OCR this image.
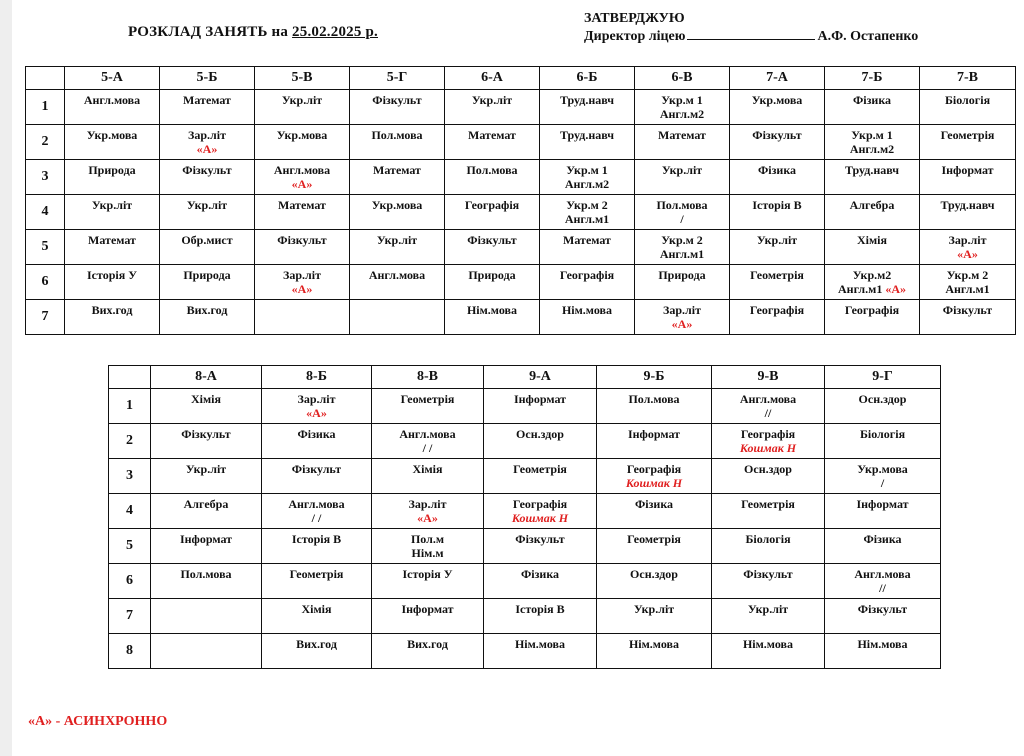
РОЗКЛАД ЗАНЯТЬ на 25.02.2025 р.
ЗАТВЕРДЖУЮ
Директор ліцею	А.Ф. Остапенко
	5-А	5-Б	5-В	5-Г	6-А	6-Б	6-В	7-А	7-Б	7-В
1	Англ.мова	Математ	Укр.літ	Фізкульт	Укр.літ	Труд.навч	Укр.м 1
Англ.м2	Укр.мова	Фізика	Біологія

2	Укр.мова	Зар.літ
«А»	Укр.мова	Пол.мова	Математ	Труд.навч	Математ	Фізкульт	Укр.м 1
Англ.м2	Геометрія

3	Природа	Фізкульт	Англ.мова
«А»	Математ	Пол.мова	Укр.м 1
Англ.м2	Укр.літ	Фізика	Труд.навч	Інформат

4	Укр.літ	Укр.літ	Математ	Укр.мова	Географія	Укр.м 2
Англ.м1	Пол.мова
/	Історія В	Алгебра	Труд.навч

5	Математ	Обр.мист	Фізкульт	Укр.літ	Фізкульт	Математ	Укр.м 2
Англ.м1	Укр.літ	Хімія	Зар.літ
«А»

6	Історія У	Природа	Зар.літ
«А»	Англ.мова	Природа	Географія	Природа	Геометрія	Укр.м2
Англ.м1 «А»	Укр.м 2
Англ.м1

7	Вих.год	Вих.год			Нім.мова	Нім.мова	Зар.літ
«А»	Географія	Географія	Фізкульт
	8-А	8-Б	8-В	9-А	9-Б	9-В	9-Г
1	Хімія	Зар.літ
«А»	Геометрія	Інформат	Пол.мова	Англ.мова
//	Осн.здор

2	Фізкульт	Фізика	Англ.мова
/ /	Осн.здор	Інформат	Географія
Кошмак Н	Біологія

3	Укр.літ	Фізкульт	Хімія	Геометрія	Географія
Кошмак Н	Осн.здор	Укр.мова
/

4	Алгебра	Англ.мова
/ /	Зар.літ
«А»	Географія
Кошмак Н	Фізика	Геометрія	Інформат

5	Інформат	Історія В	Пол.м
Нім.м	Фізкульт	Геометрія	Біологія	Фізика

6	Пол.мова	Геометрія	Історія У	Фізика	Осн.здор	Фізкульт	Англ.мова
//

7		Хімія	Інформат	Історія В	Укр.літ	Укр.літ	Фізкульт

8		Вих.год	Вих.год	Нім.мова	Нім.мова	Нім.мова	Нім.мова
«А» - АСИНХРОННО
